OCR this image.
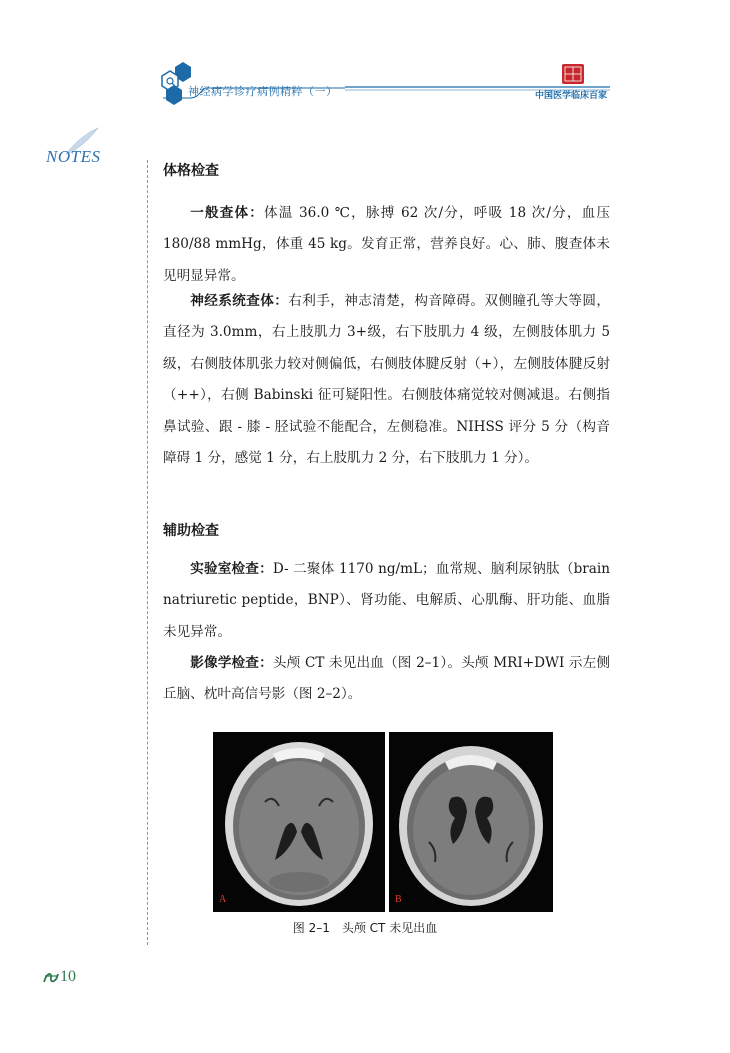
神经病学诊疗病例精粹（一）	中国医学临床百家
NOTES
体格检查

一般查体：体温 36.0 ℃，脉搏 62 次/分，呼吸 18 次/分，血压 180/88 mmHg，体重 45 kg。发育正常，营养良好。心、肺、腹查体未见明显异常。

神经系统查体：右利手，神志清楚，构音障碍。双侧瞳孔等大等圆，直径为 3.0mm，右上肢肌力 3+级，右下肢肌力 4 级，左侧肢体肌力 5 级，右侧肢体肌张力较对侧偏低，右侧肢体腱反射（+），左侧肢体腱反射（++），右侧 Babinski 征可疑阳性。右侧肢体痛觉较对侧减退。右侧指鼻试验、跟 - 膝 - 胫试验不能配合，左侧稳准。NIHSS 评分 5 分（构音障碍 1 分，感觉 1 分，右上肢肌力 2 分，右下肢肌力 1 分）。

辅助检查

实验室检查：D- 二聚体 1170 ng/mL；血常规、脑利尿钠肽（brain natriuretic peptide，BNP）、肾功能、电解质、心肌酶、肝功能、血脂未见异常。

影像学检查：头颅 CT 未见出血（图 2–1）。头颅 MRI+DWI 示左侧丘脑、枕叶高信号影（图 2–2）。

A	B
图 2–1　头颅 CT 未见出血
10
